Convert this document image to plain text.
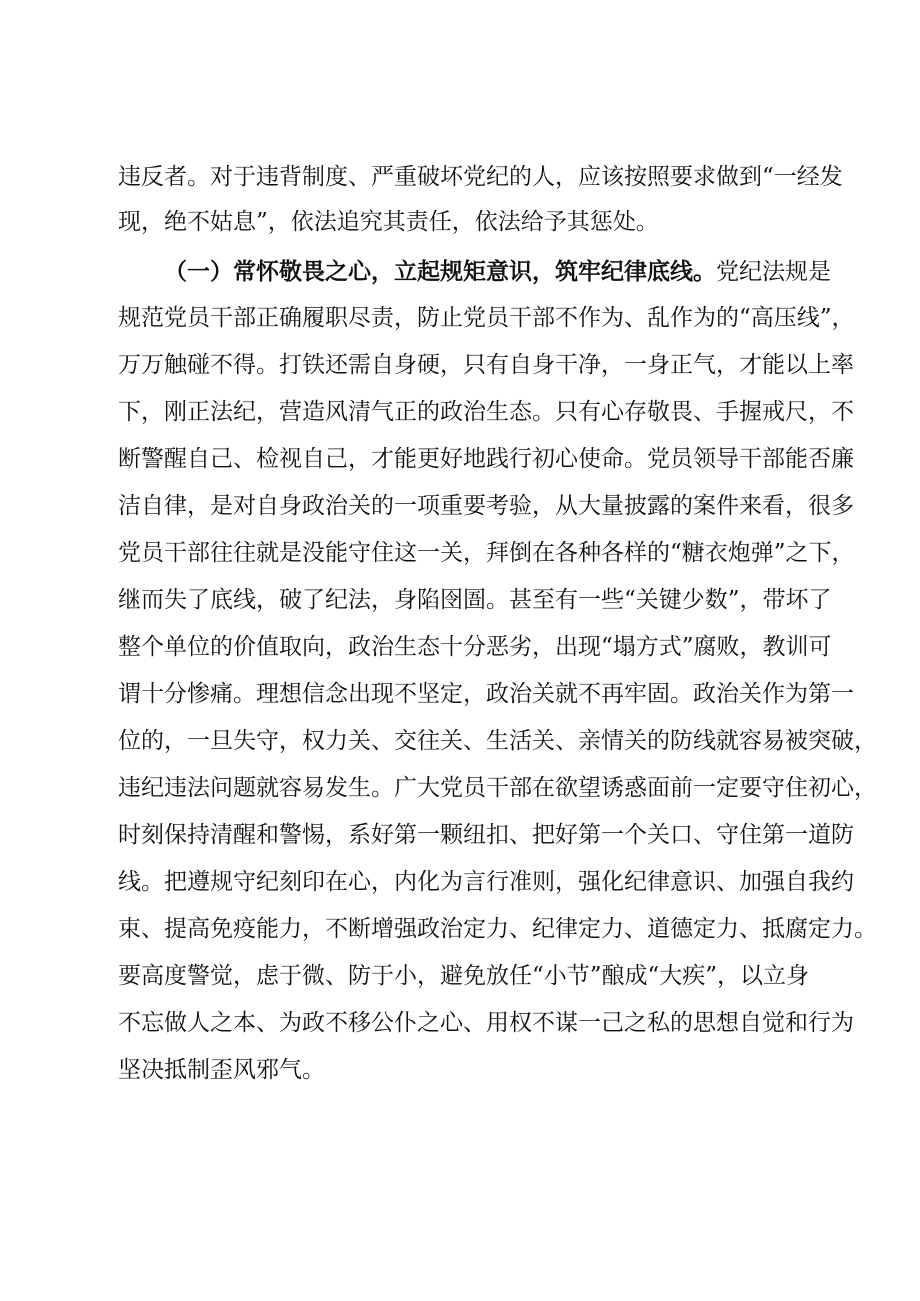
违反者。对于违背制度、严重破坏党纪的人，应该按照要求做到“一经发
现，绝不姑息”，依法追究其责任，依法给予其惩处。
（一）常怀敬畏之心，立起规矩意识，筑牢纪律底线。党纪法规是
规范党员干部正确履职尽责，防止党员干部不作为、乱作为的“高压线”，
万万触碰不得。打铁还需自身硬，只有自身干净，一身正气，才能以上率
下，刚正法纪，营造风清气正的政治生态。只有心存敬畏、手握戒尺，不
断警醒自己、检视自己，才能更好地践行初心使命。党员领导干部能否廉
洁自律，是对自身政治关的一项重要考验，从大量披露的案件来看，很多
党员干部往往就是没能守住这一关，拜倒在各种各样的“糖衣炮弹”之下，
继而失了底线，破了纪法，身陷囹圄。甚至有一些“关键少数”，带坏了
整个单位的价值取向，政治生态十分恶劣，出现“塌方式”腐败，教训可
谓十分惨痛。理想信念出现不坚定，政治关就不再牢固。政治关作为第一
位的，一旦失守，权力关、交往关、生活关、亲情关的防线就容易被突破，
违纪违法问题就容易发生。广大党员干部在欲望诱惑面前一定要守住初心，
时刻保持清醒和警惕，系好第一颗纽扣、把好第一个关口、守住第一道防
线。把遵规守纪刻印在心，内化为言行准则，强化纪律意识、加强自我约
束、提高免疫能力，不断增强政治定力、纪律定力、道德定力、抵腐定力。
要高度警觉，虑于微、防于小，避免放任“小节”酿成“大疾”，以立身
不忘做人之本、为政不移公仆之心、用权不谋一己之私的思想自觉和行为
坚决抵制歪风邪气。
